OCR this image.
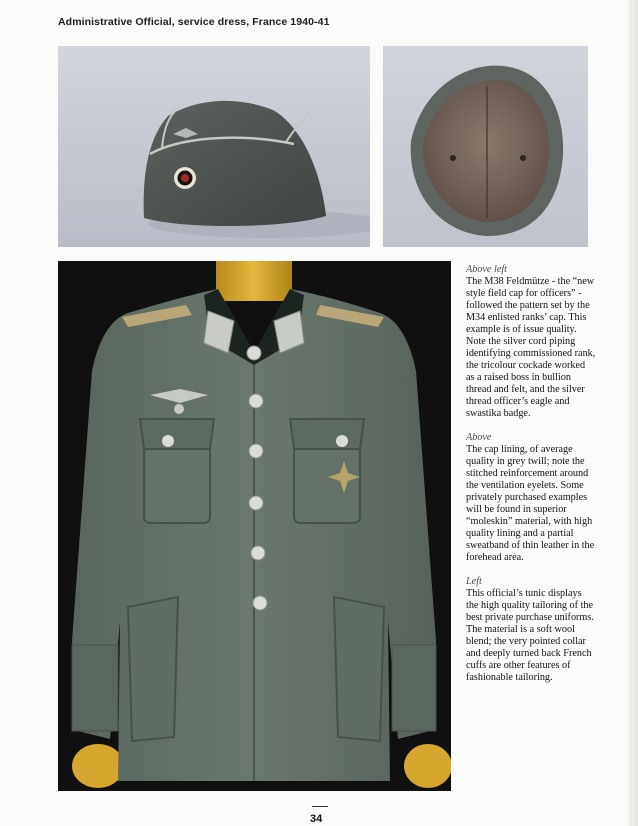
Administrative Official, service dress, France 1940-41
Above left

The M38 Feldmütze - the “new style field cap for officers” - followed the pattern set by the M34 enlisted ranks’ cap. This example is of issue quality. Note the silver cord piping identifying commissioned rank, the tricolour cockade worked as a raised boss in bullion thread and felt, and the silver thread officer’s eagle and swastika badge.

Above

The cap lining, of average quality in grey twill; note the stitched reinforcement around the ventilation eyelets. Some privately purchased examples will be found in superior “moleskin” material, with high quality lining and a partial sweatband of thin leather in the forehead area.

Left

This official’s tunic displays the high quality tailoring of the best private purchase uniforms. The material is a soft wool blend; the very pointed collar and deeply turned back French cuffs are other features of fashionable tailoring.

34
